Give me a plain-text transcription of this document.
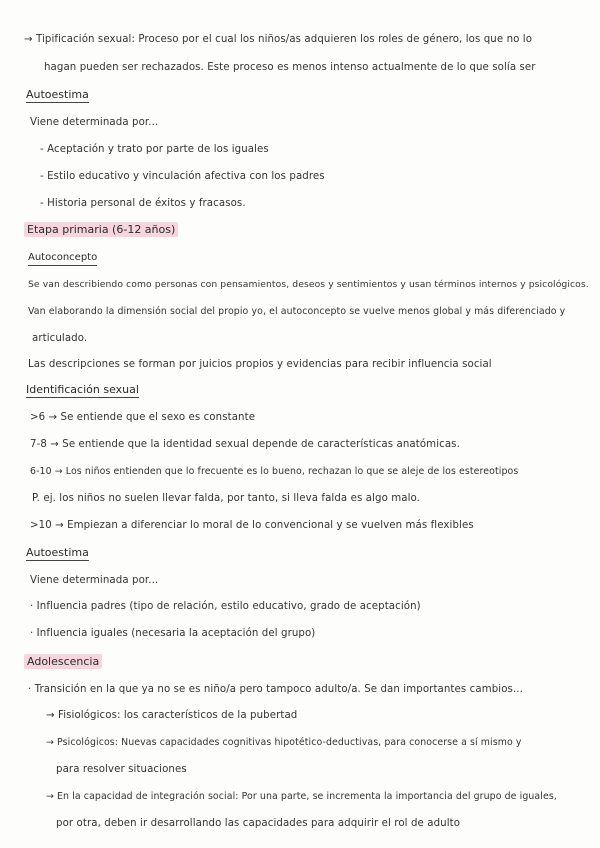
→ Tipificación sexual: Proceso por el cual los niños/as adquieren los roles de género, los que no lo
hagan pueden ser rechazados. Este proceso es menos intenso actualmente de lo que solía ser
Autoestima
Viene determinada por...
- Aceptación y trato por parte de los iguales
- Estilo educativo y vinculación afectiva con los padres
- Historia personal de éxitos y fracasos.
Etapa primaria (6-12 años)
Autoconcepto
Se van describiendo como personas con pensamientos, deseos y sentimientos y usan términos internos y psicológicos.
Van elaborando la dimensión social del propio yo, el autoconcepto se vuelve menos global y más diferenciado y
articulado.
Las descripciones se forman por juicios propios y evidencias para recibir influencia social
Identificación sexual
>6 → Se entiende que el sexo es constante
7-8 → Se entiende que la identidad sexual depende de características anatómicas.
6-10 → Los niños entienden que lo frecuente es lo bueno, rechazan lo que se aleje de los estereotipos
P. ej. los niños no suelen llevar falda, por tanto, si lleva falda es algo malo.
>10 → Empiezan a diferenciar lo moral de lo convencional y se vuelven más flexibles
Autoestima
Viene determinada por...
· Influencia padres (tipo de relación, estilo educativo, grado de aceptación)
· Influencia iguales (necesaria la aceptación del grupo)
Adolescencia
· Transición en la que ya no se es niño/a pero tampoco adulto/a. Se dan importantes cambios...
→ Fisiológicos: los característicos de la pubertad
→ Psicológicos: Nuevas capacidades cognitivas hipotético-deductivas, para conocerse a sí mismo y
para resolver situaciones
→ En la capacidad de integración social: Por una parte, se incrementa la importancia del grupo de iguales,
por otra, deben ir desarrollando las capacidades para adquirir el rol de adulto
